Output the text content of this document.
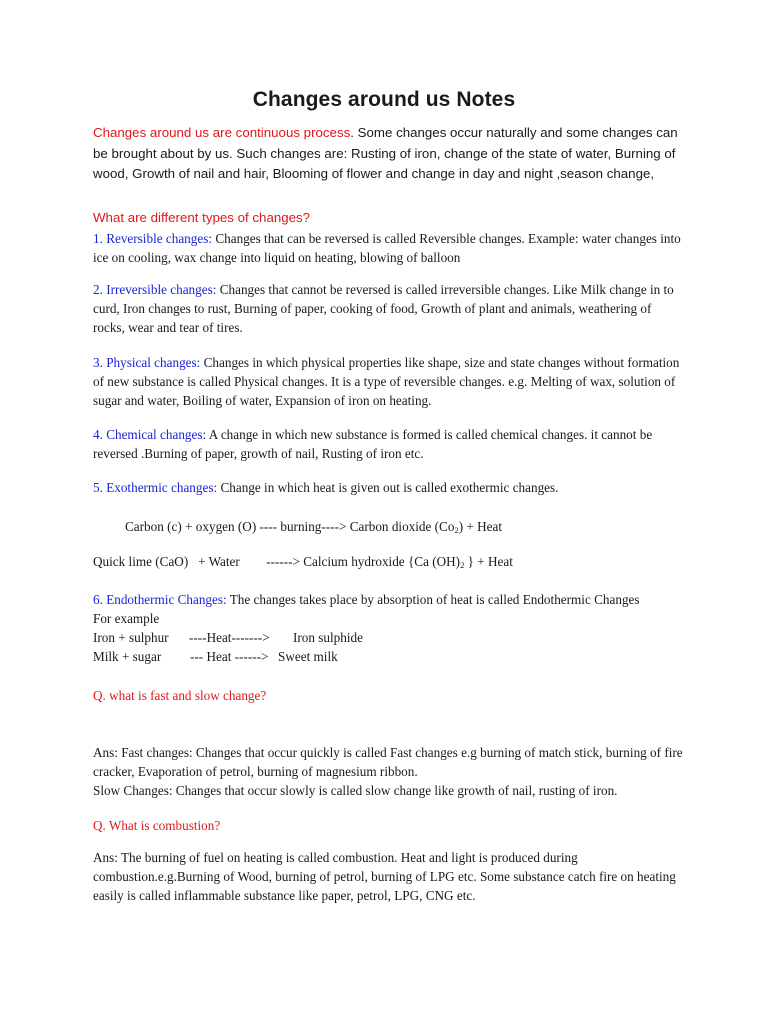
Changes around us Notes

Changes around us are continuous process. Some changes occur naturally and some changes can be brought about by us. Such changes are: Rusting of iron, change of the state of water, Burning of wood, Growth of nail and hair, Blooming of flower and change in day and night ,season change,

What are different types of changes?

1. Reversible changes: Changes that can be reversed is called Reversible changes. Example: water changes into ice on cooling, wax change into liquid on heating, blowing of balloon

2. Irreversible changes: Changes that cannot be reversed is called irreversible changes. Like Milk change in to curd, Iron changes to rust, Burning of paper, cooking of food, Growth of plant and animals, weathering of rocks, wear and tear of tires.

3. Physical changes: Changes in which physical properties like shape, size and state changes without formation of new substance is called Physical changes. It is a type of reversible changes. e.g. Melting of wax, solution of sugar and water, Boiling of water, Expansion of iron on heating.

4. Chemical changes: A change in which new substance is formed is called chemical changes. it cannot be reversed .Burning of paper, growth of nail, Rusting of iron etc.

5. Exothermic changes: Change in which heat is given out is called exothermic changes.

Carbon (c) + oxygen (O) ---- burning----> Carbon dioxide $(Co_2)$ + Heat
Quick lime (CaO)   + Water        ------> Calcium hydroxide {Ca $(OH)_2$ } + Heat

6. Endothermic Changes: The changes takes place by absorption of heat is called Endothermic Changes
For example

Iron + sulphur ----Heat-------> Iron sulphide
Milk + sugar --- Heat ------> Sweet milk

Q. what is fast and slow change?

Ans: Fast changes: Changes that occur quickly is called Fast changes e.g burning of match stick, burning of fire cracker, Evaporation of petrol, burning of magnesium ribbon.
Slow Changes: Changes that occur slowly is called slow change like growth of nail, rusting of iron.

Q. What is combustion?

Ans: The burning of fuel on heating is called combustion. Heat and light is produced during combustion.e.g.Burning of Wood, burning of petrol, burning of LPG etc. Some substance catch fire on heating easily is called inflammable substance like paper, petrol, LPG, CNG etc.
